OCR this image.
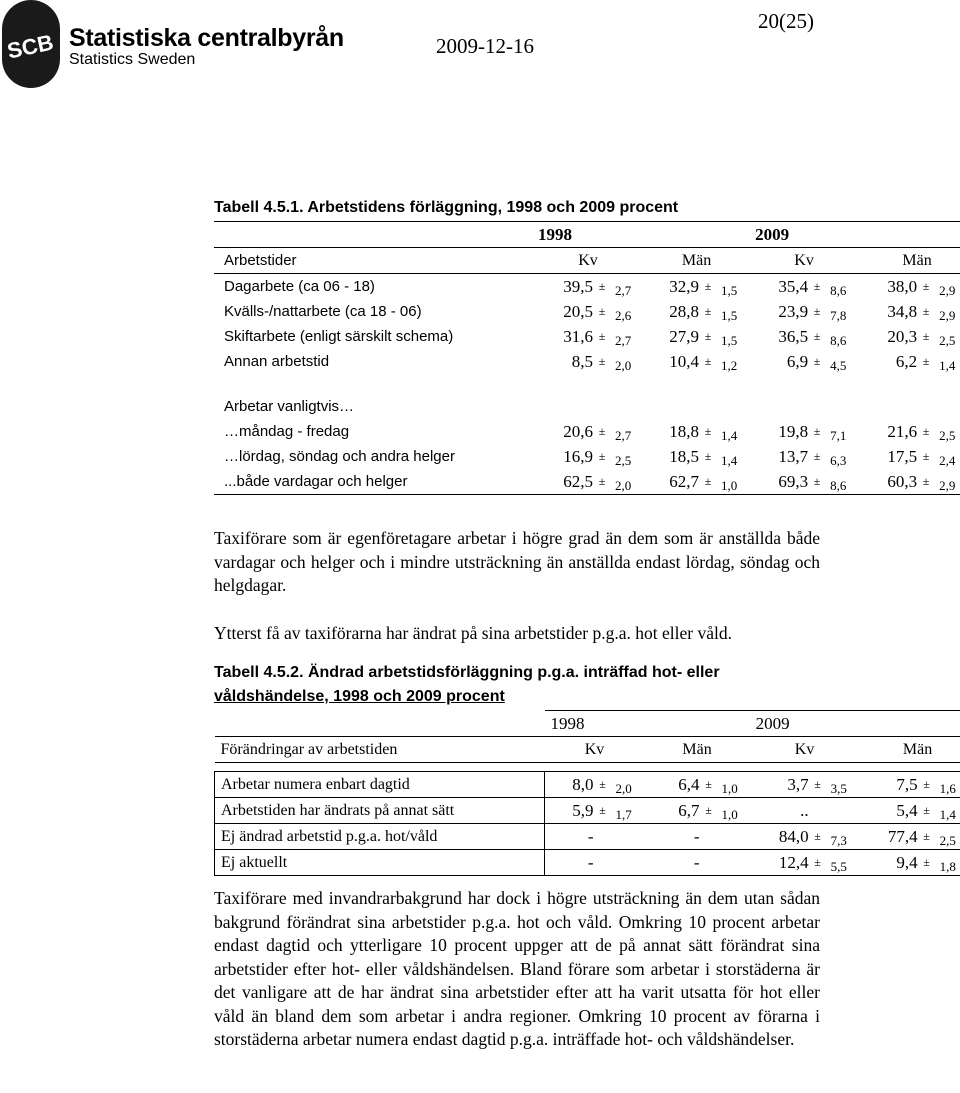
SCB Statistiska centralbyrån
Statistics Sweden
2009-12-16
20(25)
Tabell 4.5.1. Arbetstidens förläggning, 1998 och 2009 procent
	1998						2009					
Arbetstider	Kv			Män			Kv			Män		
Dagarbete (ca 06 - 18)	39,5	±	2,7	32,9	±	1,5	35,4	±	8,6	38,0	±	2,9
Kvälls-/nattarbete (ca 18 - 06)	20,5	±	2,6	28,8	±	1,5	23,9	±	7,8	34,8	±	2,9
Skiftarbete (enligt särskilt schema)	31,6	±	2,7	27,9	±	1,5	36,5	±	8,6	20,3	±	2,5
Annan arbetstid	8,5	±	2,0	10,4	±	1,2	6,9	±	4,5	6,2	±	1,4

Arbetar vanligtvis…												
…måndag - fredag	20,6	±	2,7	18,8	±	1,4	19,8	±	7,1	21,6	±	2,5
…lördag, söndag och andra helger	16,9	±	2,5	18,5	±	1,4	13,7	±	6,3	17,5	±	2,4
...både vardagar och helger	62,5	±	2,0	62,7	±	1,0	69,3	±	8,6	60,3	±	2,9
Taxiförare som är egenföretagare arbetar i högre grad än dem som är anställda både vardagar och helger och i mindre utsträckning än anställda endast lördag, söndag och helgdagar.
Ytterst få av taxiförarna har ändrat på sina arbetstider p.g.a. hot eller våld.
Tabell 4.5.2. Ändrad arbetstidsförläggning p.g.a. inträffad hot- eller
våldshändelse, 1998 och 2009 procent
	1998						2009					
Förändringar av arbetstiden	Kv			Män			Kv			Män		

Arbetar numera enbart dagtid	8,0	±	2,0	6,4	±	1,0	3,7	±	3,5	7,5	±	1,6
Arbetstiden har ändrats på annat sätt	5,9	±	1,7	6,7	±	1,0	..			5,4	±	1,4
Ej ändrad arbetstid p.g.a. hot/våld	-			-			84,0	±	7,3	77,4	±	2,5
Ej aktuellt	-			-			12,4	±	5,5	9,4	±	1,8
Taxiförare med invandrarbakgrund har dock i högre utsträckning än dem utan sådan bakgrund förändrat sina arbetstider p.g.a. hot och våld. Omkring 10 procent arbetar endast dagtid och ytterligare 10 procent uppger att de på annat sätt förändrat sina arbetstider efter hot- eller våldshändelsen. Bland förare som arbetar i storstäderna är det vanligare att de har ändrat sina arbetstider efter att ha varit utsatta för hot eller våld än bland dem som arbetar i andra regioner. Omkring 10 procent av förarna i storstäderna arbetar numera endast dagtid p.g.a. inträffade hot- och våldshändelser.
